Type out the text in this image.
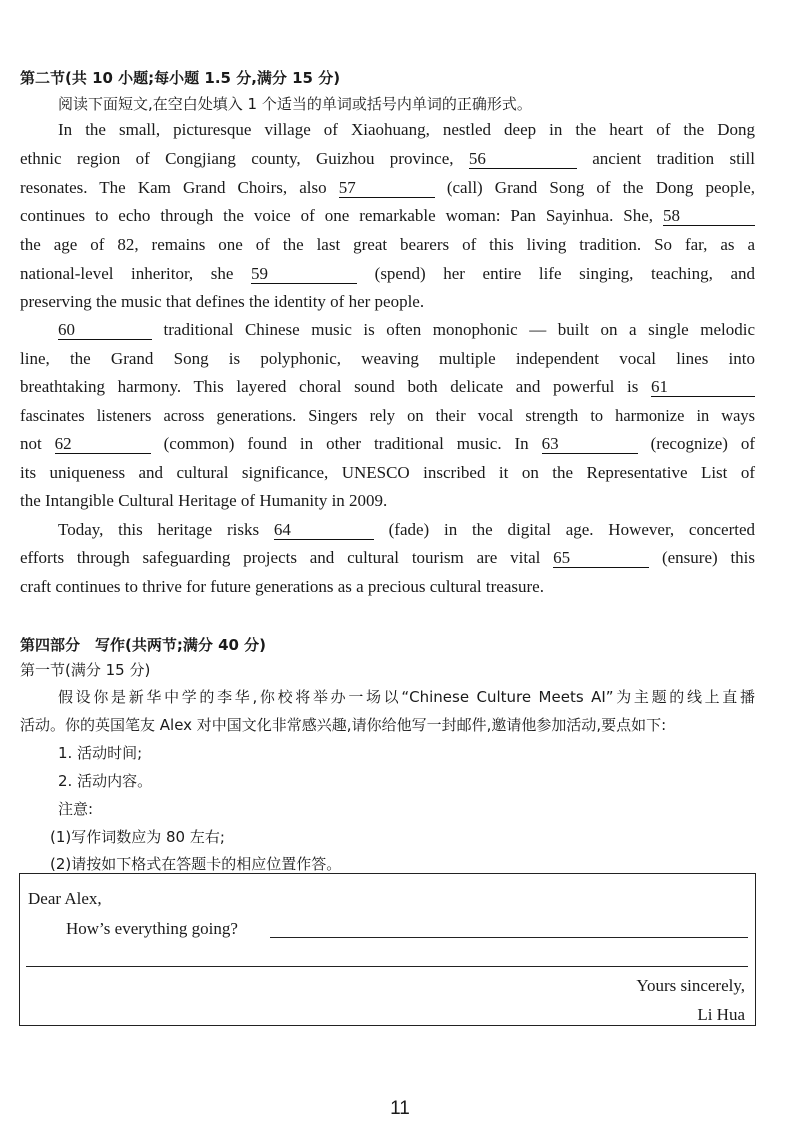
第二节(共 10 小题;每小题 1.5 分,满分 15 分)
阅读下面短文,在空白处填入 1 个适当的单词或括号内单词的正确形式。
In the small, picturesque village of Xiaohuang, nestled deep in the heart of the Dong
ethnic region of Congjiang county, Guizhou province, 56	ancient tradition still
resonates. The Kam Grand Choirs, also 57	(call) Grand Song of the Dong people,
continues to echo through the voice of one remarkable woman: Pan Sayinhua. She, 58
the age of 82, remains one of the last great bearers of this living tradition. So far, as a
national-level inheritor, she 59	(spend) her entire life singing, teaching, and
preserving the music that defines the identity of her people.
60	traditional Chinese music is often monophonic — built on a single melodic
line, the Grand Song is polyphonic, weaving multiple independent vocal lines into
breathtaking harmony. This layered choral sound both delicate and powerful is 61
fascinates listeners across generations. Singers rely on their vocal strength to harmonize in ways
not 62	(common) found in other traditional music. In 63	(recognize) of
its uniqueness and cultural significance, UNESCO inscribed it on the Representative List of
the Intangible Cultural Heritage of Humanity in 2009.
Today, this heritage risks 64	(fade) in the digital age. However, concerted
efforts through safeguarding projects and cultural tourism are vital 65	(ensure) this
craft continues to thrive for future generations as a precious cultural treasure.
第四部分　写作(共两节;满分 40 分)
第一节(满分 15 分)
假设你是新华中学的李华,你校将举办一场以“Chinese Culture Meets AI”为主题的线上直播
活动。你的英国笔友 Alex 对中国文化非常感兴趣,请你给他写一封邮件,邀请他参加活动,要点如下:
1. 活动时间;
2. 活动内容。
注意:
(1)写作词数应为 80 左右;
(2)请按如下格式在答题卡的相应位置作答。
Dear Alex,
How’s everything going?
Yours sincerely,
Li Hua
11
